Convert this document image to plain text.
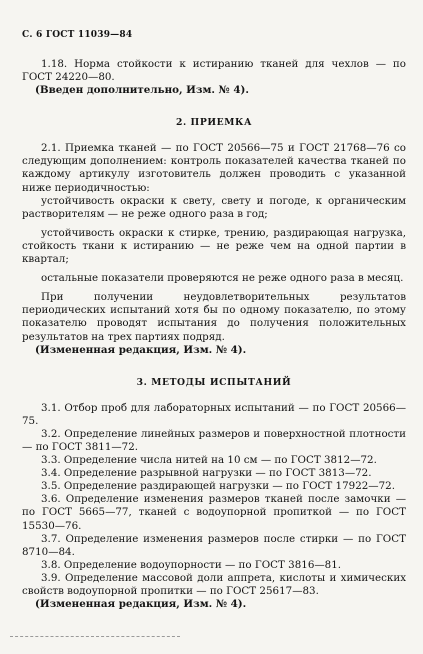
С. 6 ГОСТ 11039—84

1.18. Норма стойкости к истиранию тканей для чехлов — по ГОСТ 24220—80.

(Введен дополнительно, Изм. № 4).

2. ПРИЕМКА

2.1. Приемка тканей — по ГОСТ 20566—75 и ГОСТ 21768—76 со следующим дополнением: контроль показателей качества тканей по каждому артикулу изготовитель должен проводить с указанной ниже периодичностью:

устойчивость окраски к свету, свету и погоде, к органическим растворителям — не реже одного раза в год;

устойчивость окраски к стирке, трению, раздирающая нагрузка, стойкость ткани к истиранию — не реже чем на одной партии в квартал;

остальные показатели проверяются не реже одного раза в месяц.

При получении неудовлетворительных результатов периодических испытаний хотя бы по одному показателю, по этому показателю проводят испытания до получения положительных результатов на трех партиях подряд.

(Измененная редакция, Изм. № 4).

3. МЕТОДЫ ИСПЫТАНИЙ

3.1. Отбор проб для лабораторных испытаний — по ГОСТ 20566—75.

3.2. Определение линейных размеров и поверхностной плотности — по ГОСТ 3811—72.

3.3. Определение числа нитей на 10 см — по ГОСТ 3812—72.

3.4. Определение разрывной нагрузки — по ГОСТ 3813—72.

3.5. Определение раздирающей нагрузки — по ГОСТ 17922—72.

3.6. Определение изменения размеров тканей после замочки — по ГОСТ 5665—77, тканей с водоупорной пропиткой — по ГОСТ 15530—76.

3.7. Определение изменения размеров после стирки — по ГОСТ 8710—84.

3.8. Определение водоупорности — по ГОСТ 3816—81.

3.9. Определение массовой доли аппрета, кислоты и химических свойств водоупорной пропитки — по ГОСТ 25617—83.

(Измененная редакция, Изм. № 4).
